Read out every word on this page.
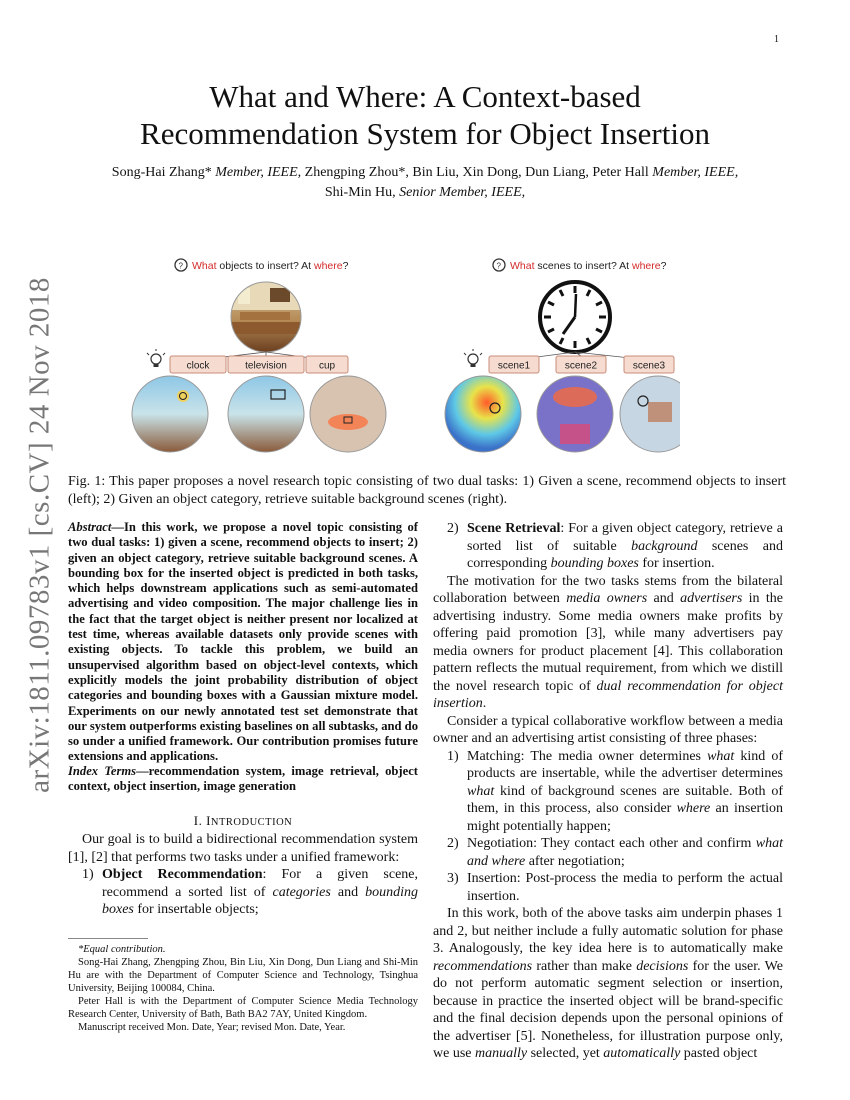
1
arXiv:1811.09783v1 [cs.CV] 24 Nov 2018
What and Where: A Context-based
Recommendation System for Object Insertion
Song-Hai Zhang* Member, IEEE, Zhengping Zhou*, Bin Liu, Xin Dong, Dun Liang, Peter Hall Member, IEEE,
Shi-Min Hu, Senior Member, IEEE,
? What objects to insert? At where?
clock	television	cup
? What scenes to insert? At where?
scene1	scene2	scene3
Fig. 1: This paper proposes a novel research topic consisting of two dual tasks: 1) Given a scene, recommend objects to insert (left); 2) Given an object category, retrieve suitable background scenes (right).
Abstract—In this work, we propose a novel topic consisting of two dual tasks: 1) given a scene, recommend objects to insert; 2) given an object category, retrieve suitable background scenes. A bounding box for the inserted object is predicted in both tasks, which helps downstream applications such as semi-automated advertising and video composition. The major challenge lies in the fact that the target object is neither present nor localized at test time, whereas available datasets only provide scenes with existing objects. To tackle this problem, we build an unsupervised algorithm based on object-level contexts, which explicitly models the joint probability distribution of object categories and bounding boxes with a Gaussian mixture model. Experiments on our newly annotated test set demonstrate that our system outperforms existing baselines on all subtasks, and do so under a unified framework. Our contribution promises future extensions and applications.
Index Terms—recommendation system, image retrieval, object context, object insertion, image generation
I. INTRODUCTION

Our goal is to build a bidirectional recommendation system [1], [2] that performs two tasks under a unified framework:

1) Object Recommendation: For a given scene, recommend a sorted list of categories and bounding boxes for insertable objects;

*Equal contribution.

Song-Hai Zhang, Zhengping Zhou, Bin Liu, Xin Dong, Dun Liang and Shi-Min Hu are with the Department of Computer Science and Technology, Tsinghua University, Beijing 100084, China.

Peter Hall is with the Department of Computer Science Media Technology Research Center, University of Bath, Bath BA2 7AY, United Kingdom.

Manuscript received Mon. Date, Year; revised Mon. Date, Year.

2) Scene Retrieval: For a given object category, retrieve a sorted list of suitable background scenes and corresponding bounding boxes for insertion.

The motivation for the two tasks stems from the bilateral collaboration between media owners and advertisers in the advertising industry. Some media owners make profits by offering paid promotion [3], while many advertisers pay media owners for product placement [4]. This collaboration pattern reflects the mutual requirement, from which we distill the novel research topic of dual recommendation for object insertion.

Consider a typical collaborative workflow between a media owner and an advertising artist consisting of three phases:

1) Matching: The media owner determines what kind of products are insertable, while the advertiser determines what kind of background scenes are suitable. Both of them, in this process, also consider where an insertion might potentially happen;

2) Negotiation: They contact each other and confirm what and where after negotiation;

3) Insertion: Post-process the media to perform the actual insertion.

In this work, both of the above tasks aim underpin phases 1 and 2, but neither include a fully automatic solution for phase 3. Analogously, the key idea here is to automatically make recommendations rather than make decisions for the user. We do not perform automatic segment selection or insertion, because in practice the inserted object will be brand-specific and the final decision depends upon the personal opinions of the advertiser [5]. Nonetheless, for illustration purpose only, we use manually selected, yet automatically pasted object
